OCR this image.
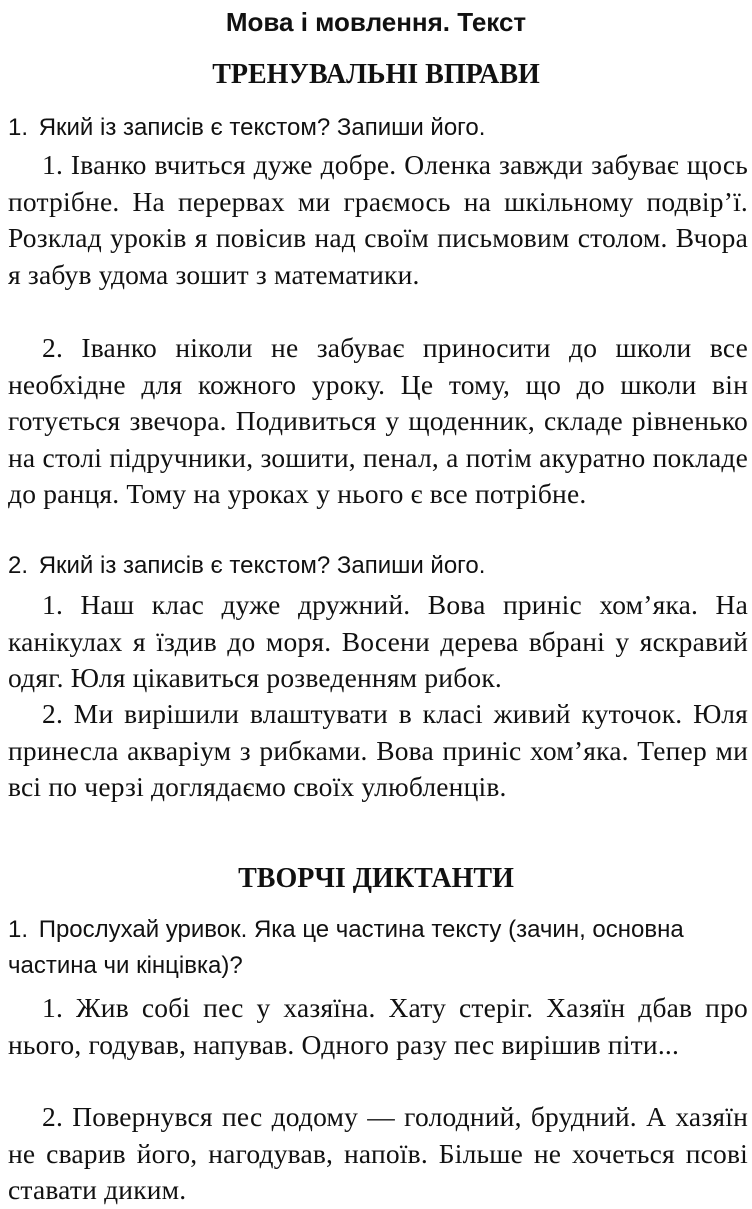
Мова і мовлення. Текст
ТРЕНУВАЛЬНІ ВПРАВИ

1. Який із записів є текстом? Запиши його.

1. Іванко вчиться дуже добре. Оленка завжди забуває щось потрібне. На перервах ми граємось на шкільному подвір’ї. Розклад уроків я повісив над своїм письмовим столом. Вчора я забув удома зошит з математики.

2. Іванко ніколи не забуває приносити до школи все необхідне для кожного уроку. Це тому, що до школи він готується звечора. Подивиться у щоденник, складе рівненько на столі підручники, зошити, пенал, а потім акуратно покладе до ранця. Тому на уроках у нього є все потрібне.

2. Який із записів є текстом? Запиши його.

1. Наш клас дуже дружний. Вова приніс хом’яка. На канікулах я їздив до моря. Восени дерева вбрані у яскравий одяг. Юля цікавиться розведенням рибок.

2. Ми вирішили влаштувати в класі живий куточок. Юля принесла акваріум з рибками. Вова приніс хом’яка. Тепер ми всі по черзі доглядаємо своїх улюбленців.

ТВОРЧІ ДИКТАНТИ

1. Прослухай уривок. Яка це частина тексту (зачин, основна частина чи кінцівка)?

1. Жив собі пес у хазяїна. Хату стеріг. Хазяїн дбав про нього, годував, напував. Одного разу пес вирішив піти...

2. Повернувся пес додому — голодний, брудний. А хазяїн не сварив його, нагодував, напоїв. Більше не хочеться псові ставати диким.
